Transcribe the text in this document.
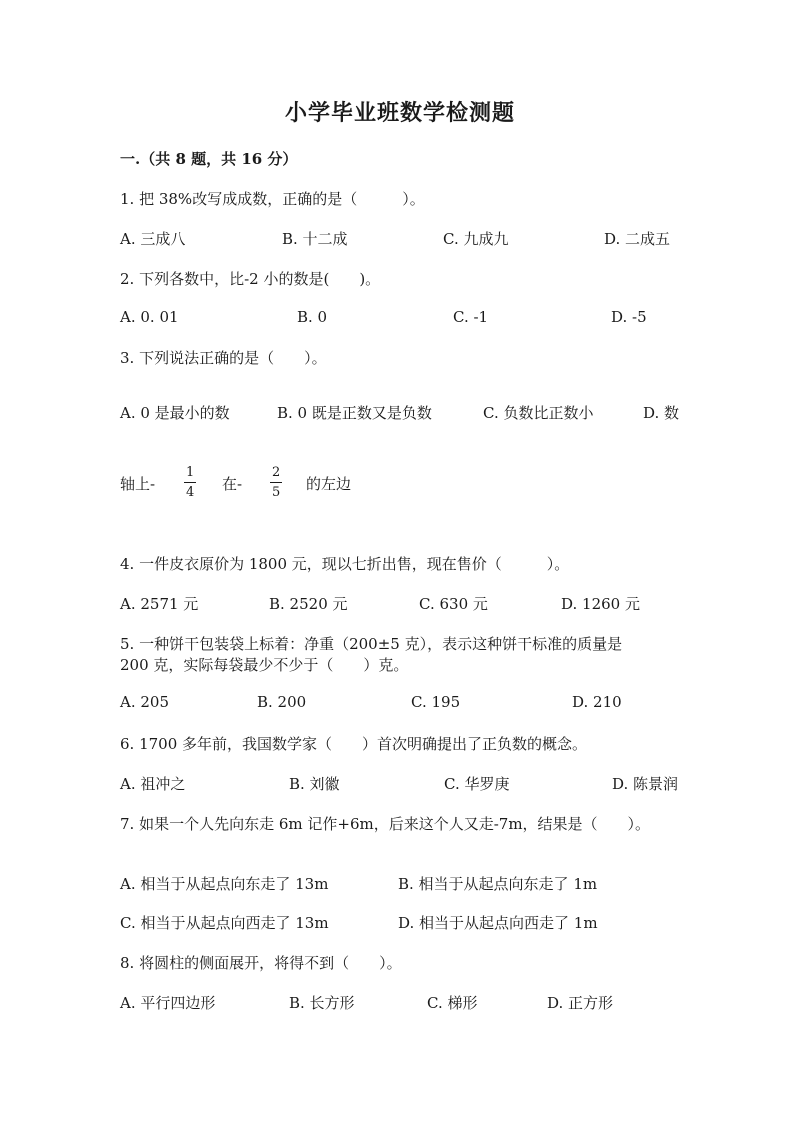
小学毕业班数学检测题
一.（共 8 题，共 16 分）
1. 把 38%改写成成数，正确的是（　　　）。
A. 三成八	B. 十二成	C. 九成九	D. 二成五
2. 下列各数中，比-2 小的数是(　　)。
A. 0. 01	B. 0	C. -1	D. -5
3. 下列说法正确的是（　　）。
A. 0 是最小的数	B. 0 既是正数又是负数	C. 负数比正数小	D. 数
轴上- $\frac{1}{4}$ 在- $\frac{2}{5}$ 的左边
4. 一件皮衣原价为 1800 元，现以七折出售，现在售价（　　　）。
A. 2571 元	B. 2520 元	C. 630 元	D. 1260 元
5. 一种饼干包装袋上标着：净重（200±5 克），表示这种饼干标准的质量是
200 克，实际每袋最少不少于（　　）克。
A. 205	B. 200	C. 195	D. 210
6. 1700 多年前，我国数学家（　　）首次明确提出了正负数的概念。
A. 祖冲之	B. 刘徽	C. 华罗庚	D. 陈景润
7. 如果一个人先向东走 6m 记作+6m，后来这个人又走-7m，结果是（　　）。
A. 相当于从起点向东走了 13m	B. 相当于从起点向东走了 1m
C. 相当于从起点向西走了 13m	D. 相当于从起点向西走了 1m
8. 将圆柱的侧面展开，将得不到（　　）。
A. 平行四边形	B. 长方形	C. 梯形	D. 正方形
